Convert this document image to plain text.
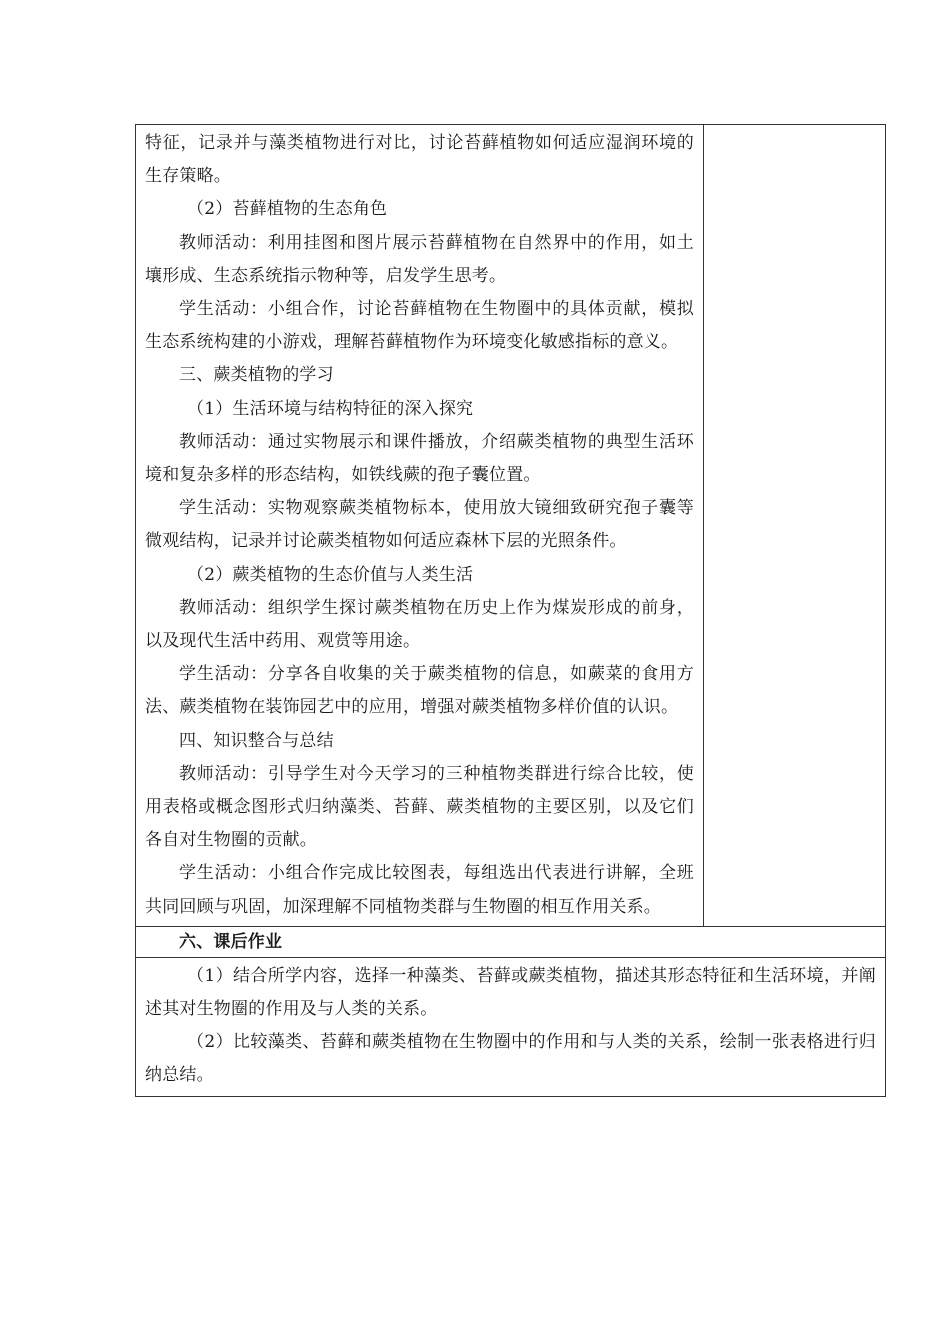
特征，记录并与藻类植物进行对比，讨论苔藓植物如何适应湿润环境的生存策略。

（2）苔藓植物的生态角色

教师活动：利用挂图和图片展示苔藓植物在自然界中的作用，如土壤形成、生态系统指示物种等，启发学生思考。

学生活动：小组合作，讨论苔藓植物在生物圈中的具体贡献，模拟生态系统构建的小游戏，理解苔藓植物作为环境变化敏感指标的意义。

三、蕨类植物的学习

（1）生活环境与结构特征的深入探究

教师活动：通过实物展示和课件播放，介绍蕨类植物的典型生活环境和复杂多样的形态结构，如铁线蕨的孢子囊位置。

学生活动：实物观察蕨类植物标本，使用放大镜细致研究孢子囊等微观结构，记录并讨论蕨类植物如何适应森林下层的光照条件。

（2）蕨类植物的生态价值与人类生活

教师活动：组织学生探讨蕨类植物在历史上作为煤炭形成的前身，以及现代生活中药用、观赏等用途。

学生活动：分享各自收集的关于蕨类植物的信息，如蕨菜的食用方法、蕨类植物在装饰园艺中的应用，增强对蕨类植物多样价值的认识。

四、知识整合与总结

教师活动：引导学生对今天学习的三种植物类群进行综合比较，使用表格或概念图形式归纳藻类、苔藓、蕨类植物的主要区别，以及它们各自对生物圈的贡献。

学生活动：小组合作完成比较图表，每组选出代表进行讲解，全班共同回顾与巩固，加深理解不同植物类群与生物圈的相互作用关系。

六、课后作业

（1）结合所学内容，选择一种藻类、苔藓或蕨类植物，描述其形态特征和生活环境，并阐述其对生物圈的作用及与人类的关系。

（2）比较藻类、苔藓和蕨类植物在生物圈中的作用和与人类的关系，绘制一张表格进行归纳总结。
